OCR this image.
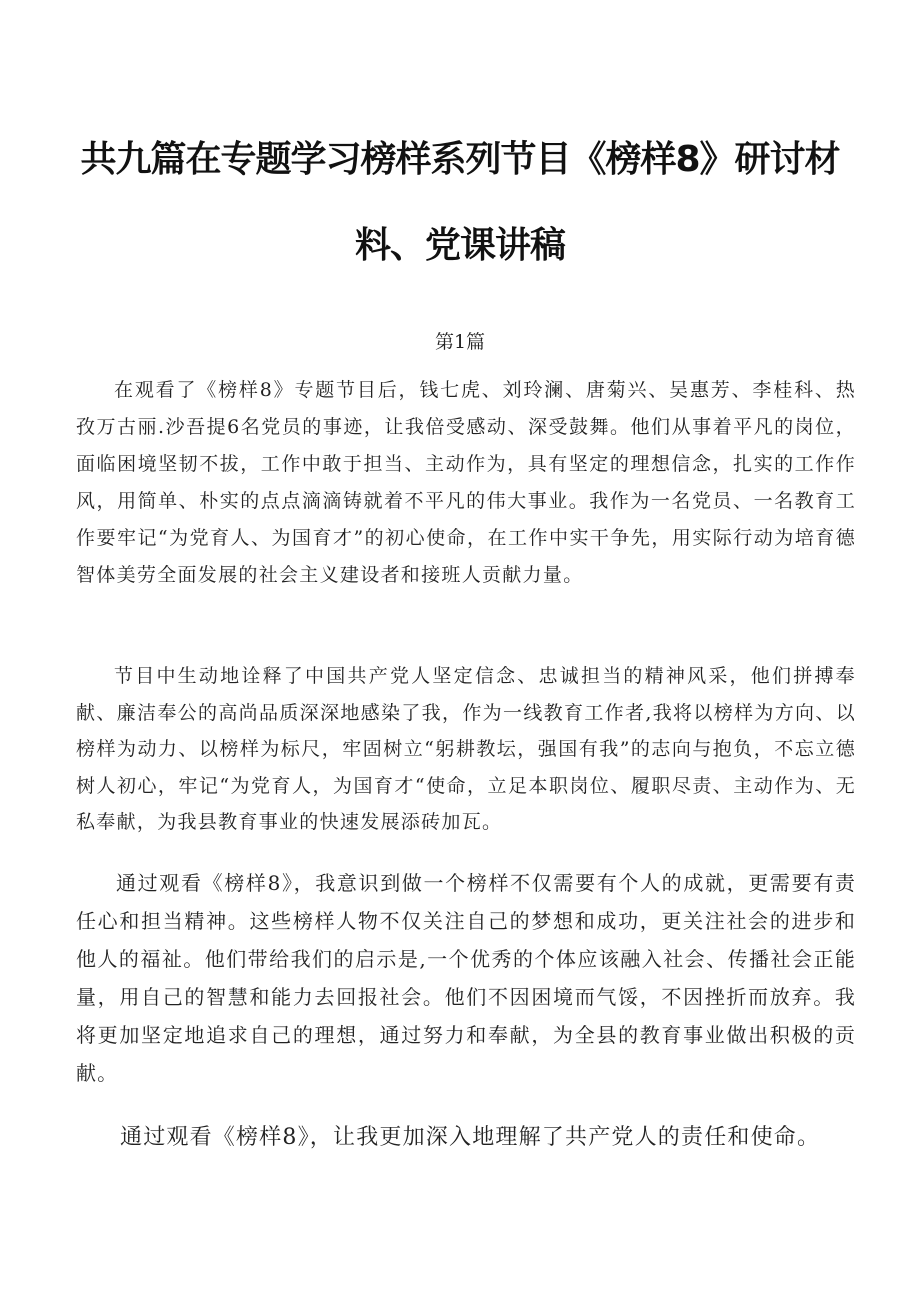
共九篇在专题学习榜样系列节目《榜样8》研讨材
料、党课讲稿
第1篇

在观看了《榜样8》专题节目后，钱七虎、刘玲澜、唐菊兴、吴惠芳、李桂科、热孜万古丽.沙吾提6名党员的事迹，让我倍受感动、深受鼓舞。他们从事着平凡的岗位，面临困境坚韧不拔，工作中敢于担当、主动作为，具有坚定的理想信念，扎实的工作作风，用简单、朴实的点点滴滴铸就着不平凡的伟大事业。我作为一名党员、一名教育工作要牢记“为党育人、为国育才”的初心使命，在工作中实干争先，用实际行动为培育德智体美劳全面发展的社会主义建设者和接班人贡献力量。

节目中生动地诠释了中国共产党人坚定信念、忠诚担当的精神风采，他们拼搏奉献、廉洁奉公的高尚品质深深地感染了我，作为一线教育工作者,我将以榜样为方向、以榜样为动力、以榜样为标尺，牢固树立“躬耕教坛，强国有我”的志向与抱负，不忘立德树人初心，牢记“为党育人，为国育才“使命，立足本职岗位、履职尽责、主动作为、无私奉献，为我县教育事业的快速发展添砖加瓦。

通过观看《榜样8》，我意识到做一个榜样不仅需要有个人的成就，更需要有责任心和担当精神。这些榜样人物不仅关注自己的梦想和成功，更关注社会的进步和他人的福祉。他们带给我们的启示是,一个优秀的个体应该融入社会、传播社会正能量，用自己的智慧和能力去回报社会。他们不因困境而气馁，不因挫折而放弃。我将更加坚定地追求自己的理想，通过努力和奉献，为全县的教育事业做出积极的贡献。

通过观看《榜样8》，让我更加深入地理解了共产党人的责任和使命。
